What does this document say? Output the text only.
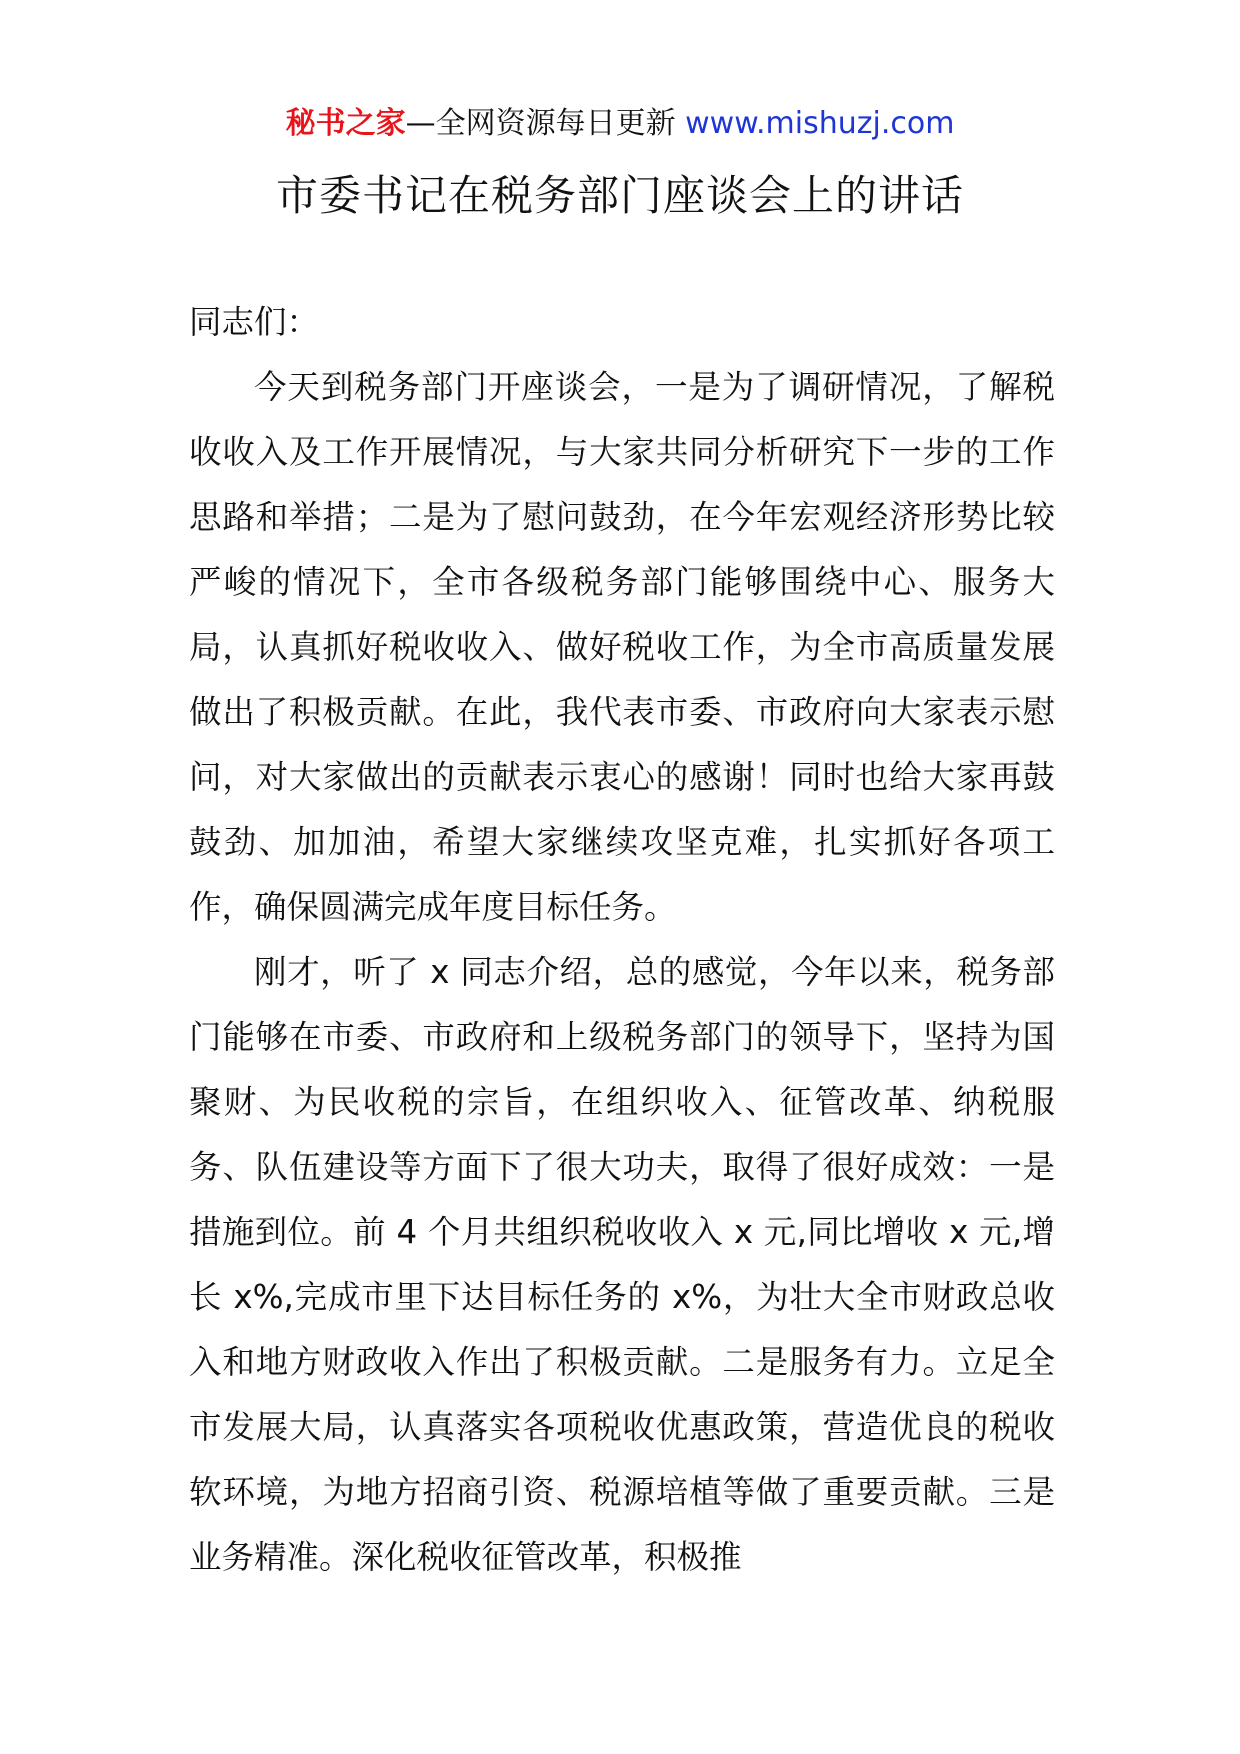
秘书之家—全网资源每日更新 www.mishuzj.com
市委书记在税务部门座谈会上的讲话

同志们：

今天到税务部门开座谈会，一是为了调研情况，了解税收收入及工作开展情况，与大家共同分析研究下一步的工作思路和举措；二是为了慰问鼓劲，在今年宏观经济形势比较严峻的情况下，全市各级税务部门能够围绕中心、服务大局，认真抓好税收收入、做好税收工作，为全市高质量发展做出了积极贡献。在此，我代表市委、市政府向大家表示慰问，对大家做出的贡献表示衷心的感谢！同时也给大家再鼓鼓劲、加加油，希望大家继续攻坚克难，扎实抓好各项工作，确保圆满完成年度目标任务。

刚才，听了 x 同志介绍，总的感觉，今年以来，税务部门能够在市委、市政府和上级税务部门的领导下，坚持为国聚财、为民收税的宗旨，在组织收入、征管改革、纳税服务、队伍建设等方面下了很大功夫，取得了很好成效：一是措施到位。前 4 个月共组织税收收入 x 元,同比增收 x 元,增长 x%,完成市里下达目标任务的 x%，为壮大全市财政总收入和地方财政收入作出了积极贡献。二是服务有力。立足全市发展大局，认真落实各项税收优惠政策，营造优良的税收软环境，为地方招商引资、税源培植等做了重要贡献。三是业务精准。深化税收征管改革，积极推
